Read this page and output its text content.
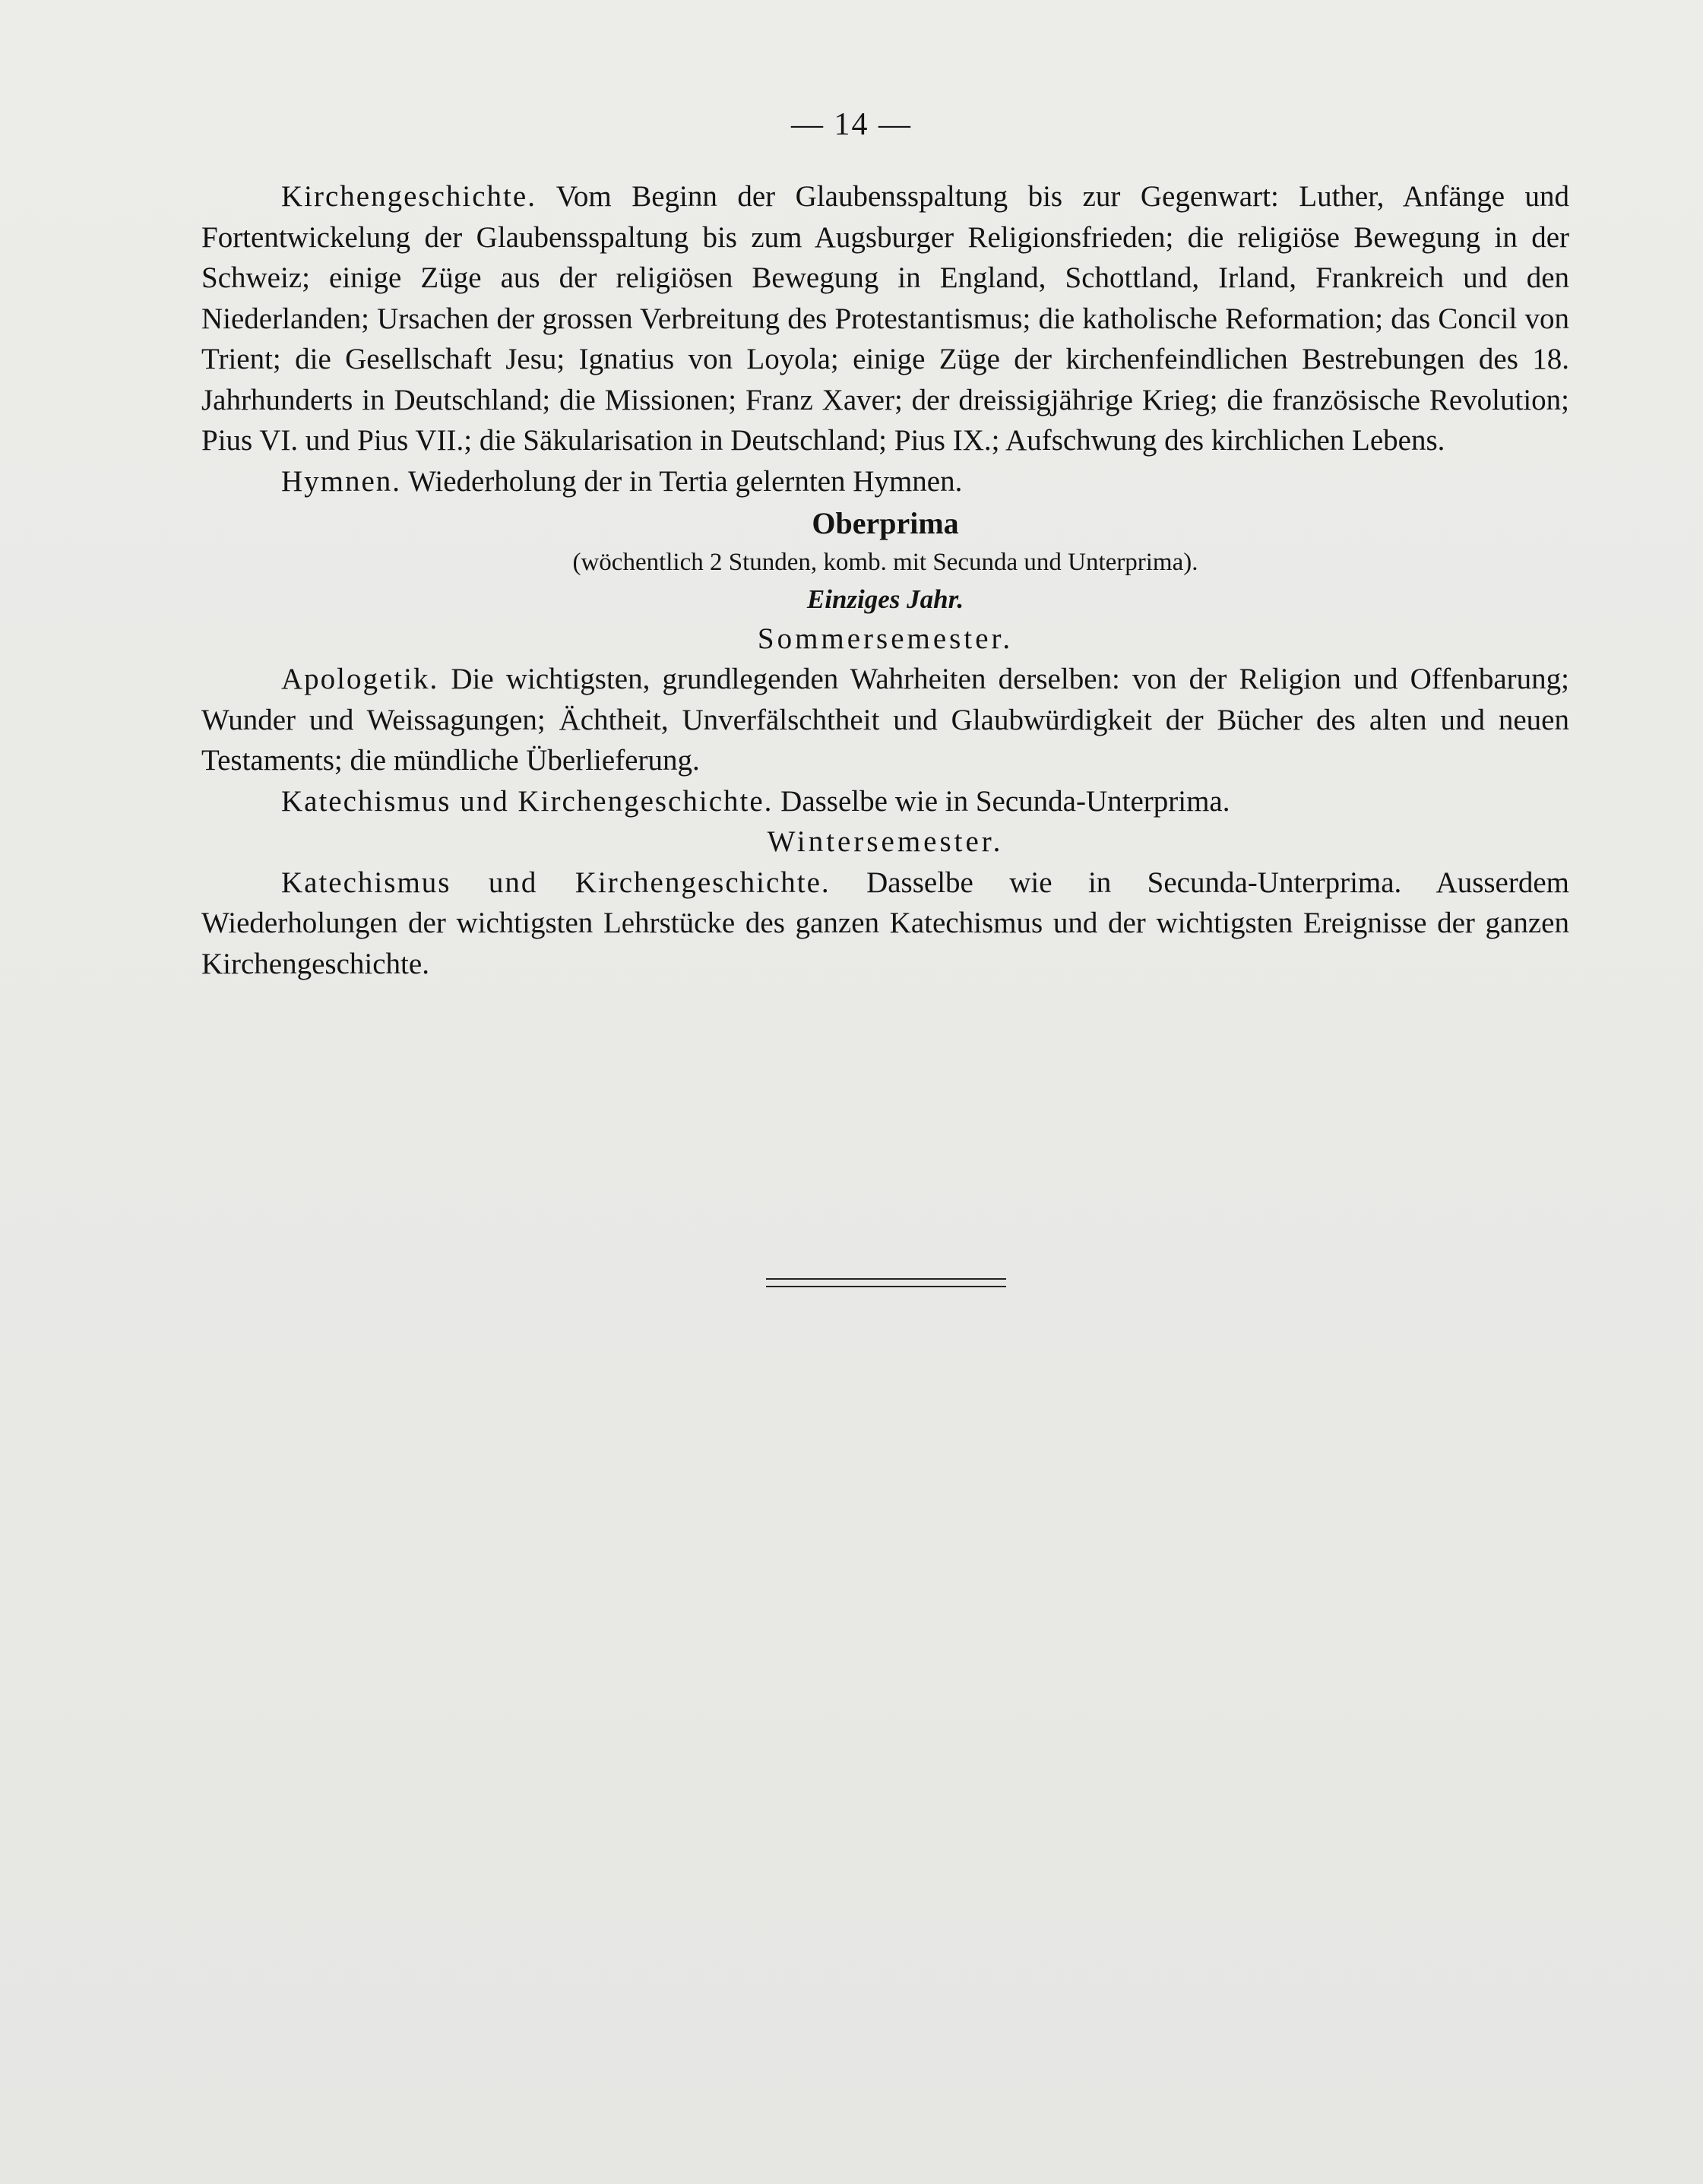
— 14 —

Kirchengeschichte. Vom Beginn der Glaubensspaltung bis zur Gegenwart: Luther, Anfänge und Fortentwickelung der Glaubensspaltung bis zum Augsburger Religionsfrieden; die religiöse Bewegung in der Schweiz; einige Züge aus der religiösen Bewegung in England, Schottland, Irland, Frankreich und den Niederlanden; Ursachen der grossen Verbreitung des Protestantismus; die katholische Reformation; das Concil von Trient; die Gesellschaft Jesu; Ignatius von Loyola; einige Züge der kirchenfeindlichen Bestrebungen des 18. Jahrhunderts in Deutschland; die Missionen; Franz Xaver; der dreissigjährige Krieg; die französische Revolution; Pius VI. und Pius VII.; die Säkularisation in Deutschland; Pius IX.; Aufschwung des kirchlichen Lebens.

Hymnen. Wiederholung der in Tertia gelernten Hymnen.

Oberprima

(wöchentlich 2 Stunden, komb. mit Secunda und Unterprima).

Einziges Jahr.

Sommersemester.

Apologetik. Die wichtigsten, grundlegenden Wahrheiten derselben: von der Religion und Offenbarung; Wunder und Weissagungen; Ächtheit, Unverfälschtheit und Glaubwürdigkeit der Bücher des alten und neuen Testaments; die mündliche Überlieferung.

Katechismus und Kirchengeschichte. Dasselbe wie in Secunda-Unterprima.

Wintersemester.

Katechismus und Kirchengeschichte. Dasselbe wie in Secunda-Unterprima. Ausserdem Wiederholungen der wichtigsten Lehrstücke des ganzen Katechismus und der wichtigsten Ereignisse der ganzen Kirchengeschichte.
